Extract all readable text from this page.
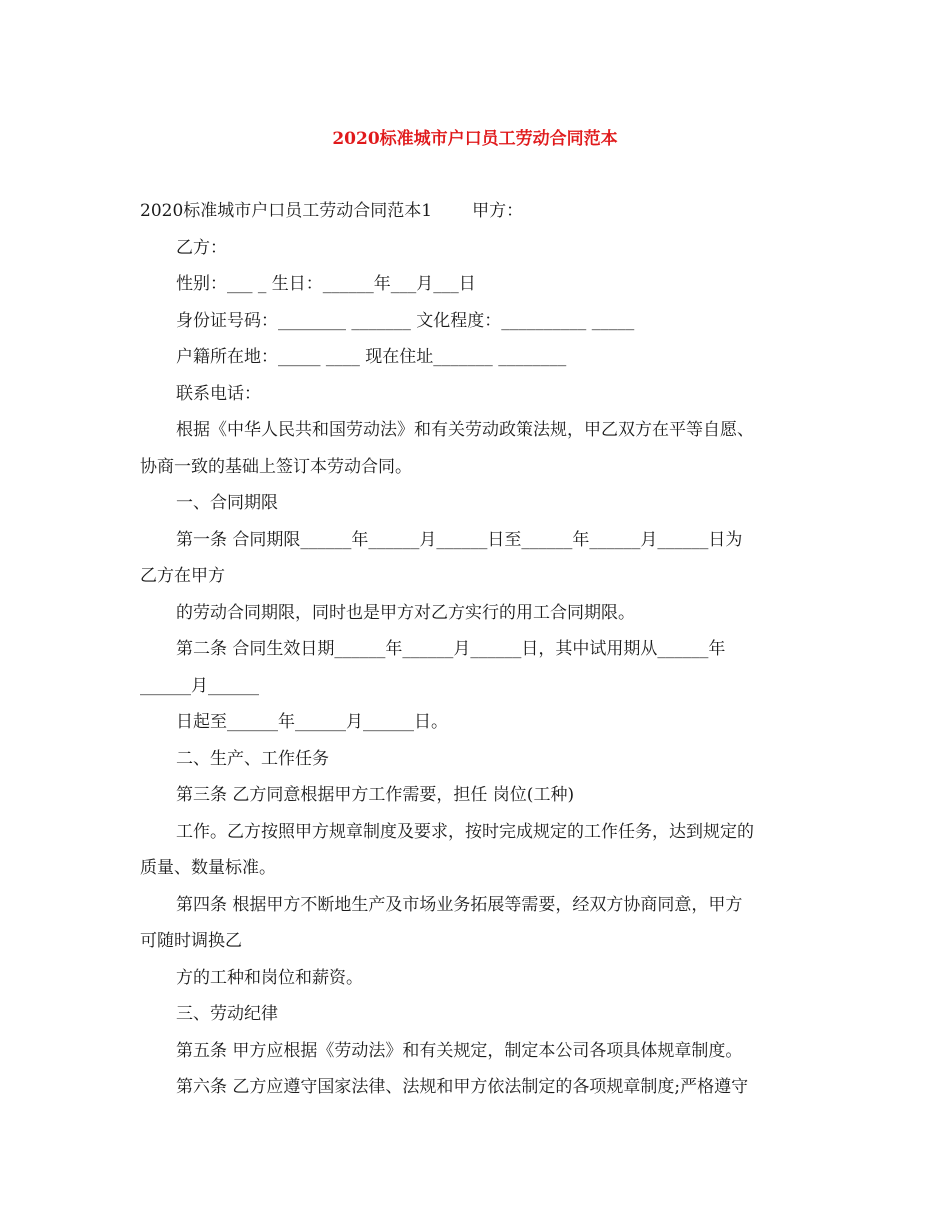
2020标准城市户口员工劳动合同范本

2020标准城市户口员工劳动合同范本1 甲方：

乙方：

性别：___ _ 生日：______年___月___日

身份证号码：________ _______ 文化程度：__________ _____

户籍所在地：_____ ____ 现在住址_______ ________

联系电话：

根据《中华人民共和国劳动法》和有关劳动政策法规，甲乙双方在平等自愿、

协商一致的基础上签订本劳动合同。

一、合同期限

第一条 合同期限______年______月______日至______年______月______日为

乙方在甲方

的劳动合同期限，同时也是甲方对乙方实行的用工合同期限。

第二条 合同生效日期______年______月______日，其中试用期从______年

______月______

日起至______年______月______日。

二、生产、工作任务

第三条 乙方同意根据甲方工作需要，担任 岗位(工种)

工作。乙方按照甲方规章制度及要求，按时完成规定的工作任务，达到规定的

质量、数量标准。

第四条 根据甲方不断地生产及市场业务拓展等需要，经双方协商同意，甲方

可随时调换乙

方的工种和岗位和薪资。

三、劳动纪律

第五条 甲方应根据《劳动法》和有关规定，制定本公司各项具体规章制度。

第六条 乙方应遵守国家法律、法规和甲方依法制定的各项规章制度;严格遵守
